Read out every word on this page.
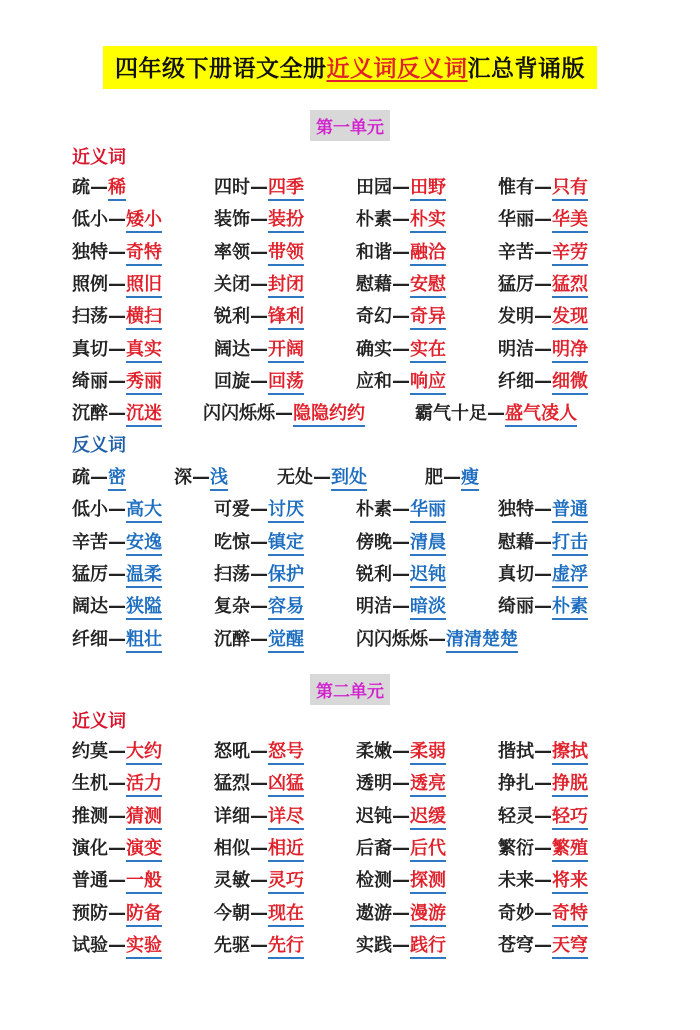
四年级下册语文全册近义词反义词汇总背诵版
第一单元
近义词
疏—稀	四时—四季	田园—田野	惟有—只有
低小—矮小	装饰—装扮	朴素—朴实	华丽—华美
独特—奇特	率领—带领	和谐—融洽	辛苦—辛劳
照例—照旧	关闭—封闭	慰藉—安慰	猛厉—猛烈
扫荡—横扫	锐利—锋利	奇幻—奇异	发明—发现
真切—真实	阔达—开阔	确实—实在	明洁—明净
绮丽—秀丽	回旋—回荡	应和—响应	纤细—细微
沉醉—沉迷 闪闪烁烁—隐隐约约	霸气十足—盛气凌人
反义词
疏—密	深—浅	无处—到处	肥—瘦
低小—高大	可爱—讨厌	朴素—华丽	独特—普通
辛苦—安逸	吃惊—镇定	傍晚—清晨	慰藉—打击
猛厉—温柔	扫荡—保护	锐利—迟钝	真切—虚浮
阔达—狭隘	复杂—容易	明洁—暗淡	绮丽—朴素
纤细—粗壮	沉醉—觉醒	闪闪烁烁—清清楚楚
第二单元
近义词
约莫—大约	怒吼—怒号	柔嫩—柔弱	揩拭—擦拭
生机—活力	猛烈—凶猛	透明—透亮	挣扎—挣脱
推测—猜测	详细—详尽	迟钝—迟缓	轻灵—轻巧
演化—演变	相似—相近	后裔—后代	繁衍—繁殖
普通—一般	灵敏—灵巧	检测—探测	未来—将来
预防—防备	今朝—现在	遨游—漫游	奇妙—奇特
试验—实验	先驱—先行	实践—践行	苍穹—天穹
